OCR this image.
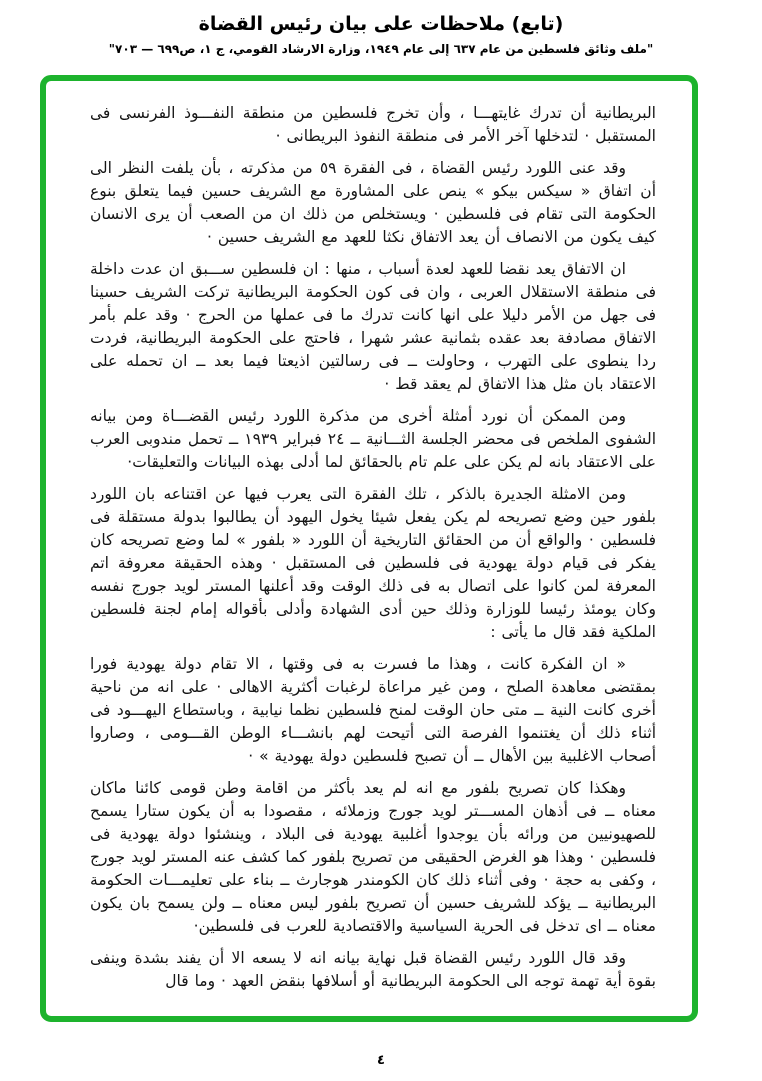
(تابع) ملاحظات على بيان رئيس القضاة
"ملف وثائق فلسطين من عام ٦٣٧ إلى عام ١٩٤٩، وزارة الارشاد القومي، ج ١، ص٦٩٩ — ٧٠٣"

البريطانية أن تدرك غايتهـــا ، وأن تخرج فلسطين من منطقة النفـــوذ الفرنسى فى المستقبل · لتدخلها آخر الأمر فى منطقة النفوذ البريطانى ·

وقد عنى اللورد رئيس القضاة ، فى الفقرة ٥٩ من مذكرته ، بأن يلفت النظر الى أن اتفاق « سيكس بيكو » ينص على المشاورة مع الشريف حسين فيما يتعلق بنوع الحكومة التى تقام فى فلسطين · ويستخلص من ذلك ان من الصعب أن يرى الانسان كيف يكون من الانصاف أن يعد الاتفاق نكثا للعهد مع الشريف حسين ·

ان الاتفاق يعد نقضا للعهد لعدة أسباب ، منها : ان فلسطين ســـبق ان عدت داخلة فى منطقة الاستقلال العربى ، وان فى كون الحكومة البريطانية تركت الشريف حسينا فى جهل من الأمر دليلا على انها كانت تدرك ما فى عملها من الحرج · وقد علم بأمر الاتفاق مصادفة بعد عقده بثمانية عشر شهرا ، فاحتج على الحكومة البريطانية، فردت ردا ينطوى على التهرب ، وحاولت ــ فى رسالتين اذيعتا فيما بعد ــ ان تحمله على الاعتقاد بان مثل هذا الاتفاق لم يعقد قط ·

ومن الممكن أن نورد أمثلة أخرى من مذكرة اللورد رئيس القضـــاة ومن بيانه الشفوى الملخص فى محضر الجلسة الثـــانية ــ ٢٤ فبراير ١٩٣٩ ــ تحمل مندوبى العرب على الاعتقاد بانه لم يكن على علم تام بالحقائق لما أدلى بهذه البيانات والتعليقات·

ومن الامثلة الجديرة بالذكر ، تلك الفقرة التى يعرب فيها عن اقتناعه بان اللورد بلفور حين وضع تصريحه لم يكن يفعل شيئا يخول اليهود أن يطالبوا بدولة مستقلة فى فلسطين · والواقع أن من الحقائق التاريخية أن اللورد « بلفور » لما وضع تصريحه كان يفكر فى قيام دولة يهودية فى فلسطين فى المستقبل · وهذه الحقيقة معروفة اتم المعرفة لمن كانوا على اتصال به فى ذلك الوقت وقد أعلنها المستر لويد جورج نفسه وكان يومئذ رئيسا للوزارة وذلك حين أدى الشهادة وأدلى بأقواله إمام لجنة فلسطين الملكية فقد قال ما يأتى :

« ان الفكرة كانت ، وهذا ما فسرت به فى وقتها ، الا تقام دولة يهودية فورا بمقتضى معاهدة الصلح ، ومن غير مراعاة لرغبات أكثرية الاهالى · على انه من ناحية أخرى كانت النية ــ متى حان الوقت لمنح فلسطين نظما نيابية ، وباستطاع اليهـــود فى أثناء ذلك أن يغتنموا الفرصة التى أتيحت لهم بانشـــاء الوطن القـــومى ، وصاروا أصحاب الاغلبية بين الأهال ــ أن تصبح فلسطين دولة يهودية » ·

وهكذا كان تصريح بلفور مع انه لم يعد بأكثر من اقامة وطن قومى كائنا ماكان معناه ــ فى أذهان المســـتر لويد جورج وزملائه ، مقصودا به أن يكون ستارا يسمح للصهيونيين من ورائه بأن يوجدوا أغلبية يهودية فى البلاد ، وينشئوا دولة يهودية فى فلسطين · وهذا هو الغرض الحقيقى من تصريح بلفور كما كشف عنه المستر لويد جورج ، وكفى به حجة · وفى أثناء ذلك كان الكومندر هوجارث ــ بناء على تعليمـــات الحكومة البريطانية ــ يؤكد للشريف حسين أن تصريح بلفور ليس معناه ــ ولن يسمح بان يكون معناه ــ اى تدخل فى الحرية السياسية والاقتصادية للعرب فى فلسطين·

وقد قال اللورد رئيس القضاة قبل نهاية بيانه انه لا يسعه الا أن يفند بشدة وينفى بقوة أية تهمة توجه الى الحكومة البريطانية أو أسلافها بنقض العهد · وما قال

٤
